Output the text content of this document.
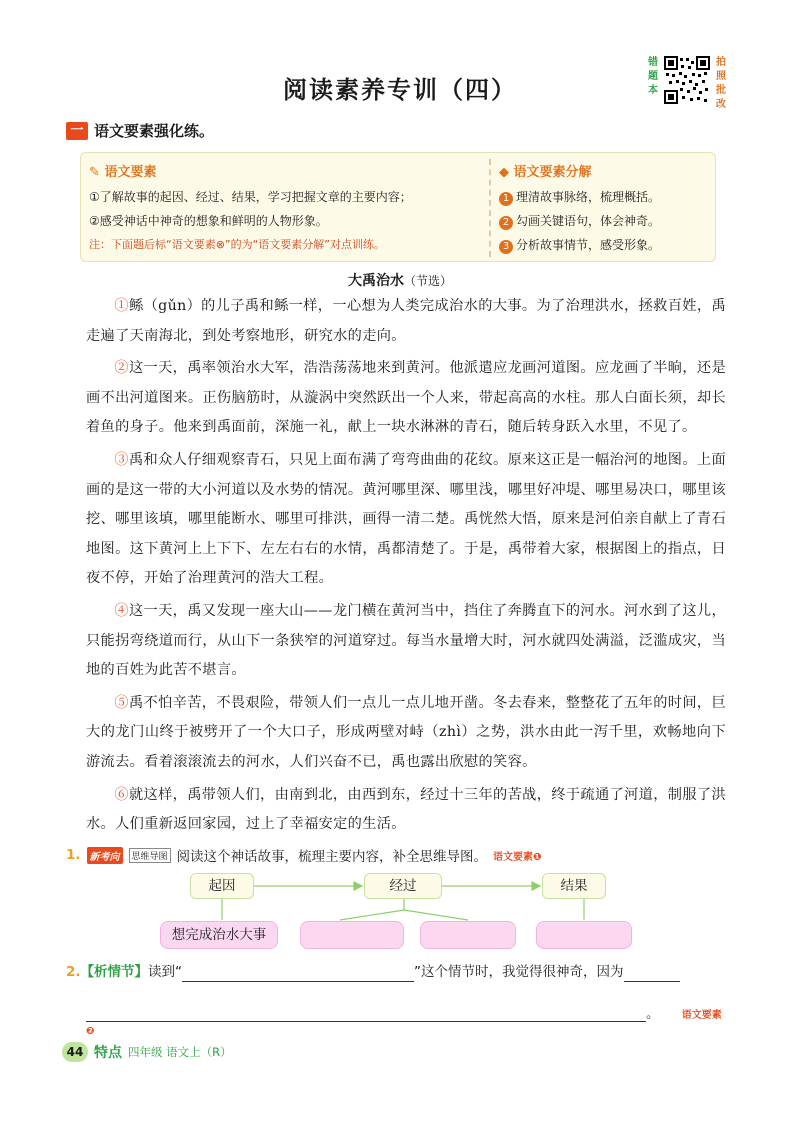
阅读素养专训（四）
错题本
拍照批改
一 语文要素强化练。
✎ 语文要素
①了解故事的起因、经过、结果，学习把握文章的主要内容；
②感受神话中神奇的想象和鲜明的人物形象。
注：下面题后标“语文要素⊗”的为“语文要素分解”对点训练。
◆ 语文要素分解
1 理清故事脉络，梳理概括。
2 勾画关键语句，体会神奇。
3 分析故事情节，感受形象。
大禹治水（节选）

①鲧（gǔn）的儿子禹和鲧一样，一心想为人类完成治水的大事。为了治理洪水，拯救百姓，禹走遍了天南海北，到处考察地形，研究水的走向。

②这一天，禹率领治水大军，浩浩荡荡地来到黄河。他派遣应龙画河道图。应龙画了半晌，还是画不出河道图来。正伤脑筋时，从漩涡中突然跃出一个人来，带起高高的水柱。那人白面长须，却长着鱼的身子。他来到禹面前，深施一礼，献上一块水淋淋的青石，随后转身跃入水里，不见了。

③禹和众人仔细观察青石，只见上面布满了弯弯曲曲的花纹。原来这正是一幅治河的地图。上面画的是这一带的大小河道以及水势的情况。黄河哪里深、哪里浅，哪里好冲堤、哪里易决口，哪里该挖、哪里该填，哪里能断水、哪里可排洪，画得一清二楚。禹恍然大悟，原来是河伯亲自献上了青石地图。这下黄河上上下下、左左右右的水情，禹都清楚了。于是，禹带着大家，根据图上的指点，日夜不停，开始了治理黄河的浩大工程。

④这一天，禹又发现一座大山——龙门横在黄河当中，挡住了奔腾直下的河水。河水到了这儿，只能拐弯绕道而行，从山下一条狭窄的河道穿过。每当水量增大时，河水就四处满溢，泛滥成灾，当地的百姓为此苦不堪言。

⑤禹不怕辛苦，不畏艰险，带领人们一点儿一点儿地开凿。冬去春来，整整花了五年的时间，巨大的龙门山终于被劈开了一个大口子，形成两壁对峙（zhì）之势，洪水由此一泻千里，欢畅地向下游流去。看着滚滚流去的河水，人们兴奋不已，禹也露出欣慰的笑容。

⑥就这样，禹带领人们，由南到北，由西到东，经过十三年的苦战，终于疏通了河道，制服了洪水。人们重新返回家园，过上了幸福安定的生活。

1. 新考向	思维导图 阅读这个神话故事，梳理主要内容，补全思维导图。 语文要素❶
起因	经过	结果
想完成治水大事
2.【析情节】读到“	”这个情节时，我觉得很神奇，因为
。 语文要素❷
44 特点 四年级 语文上（R）
